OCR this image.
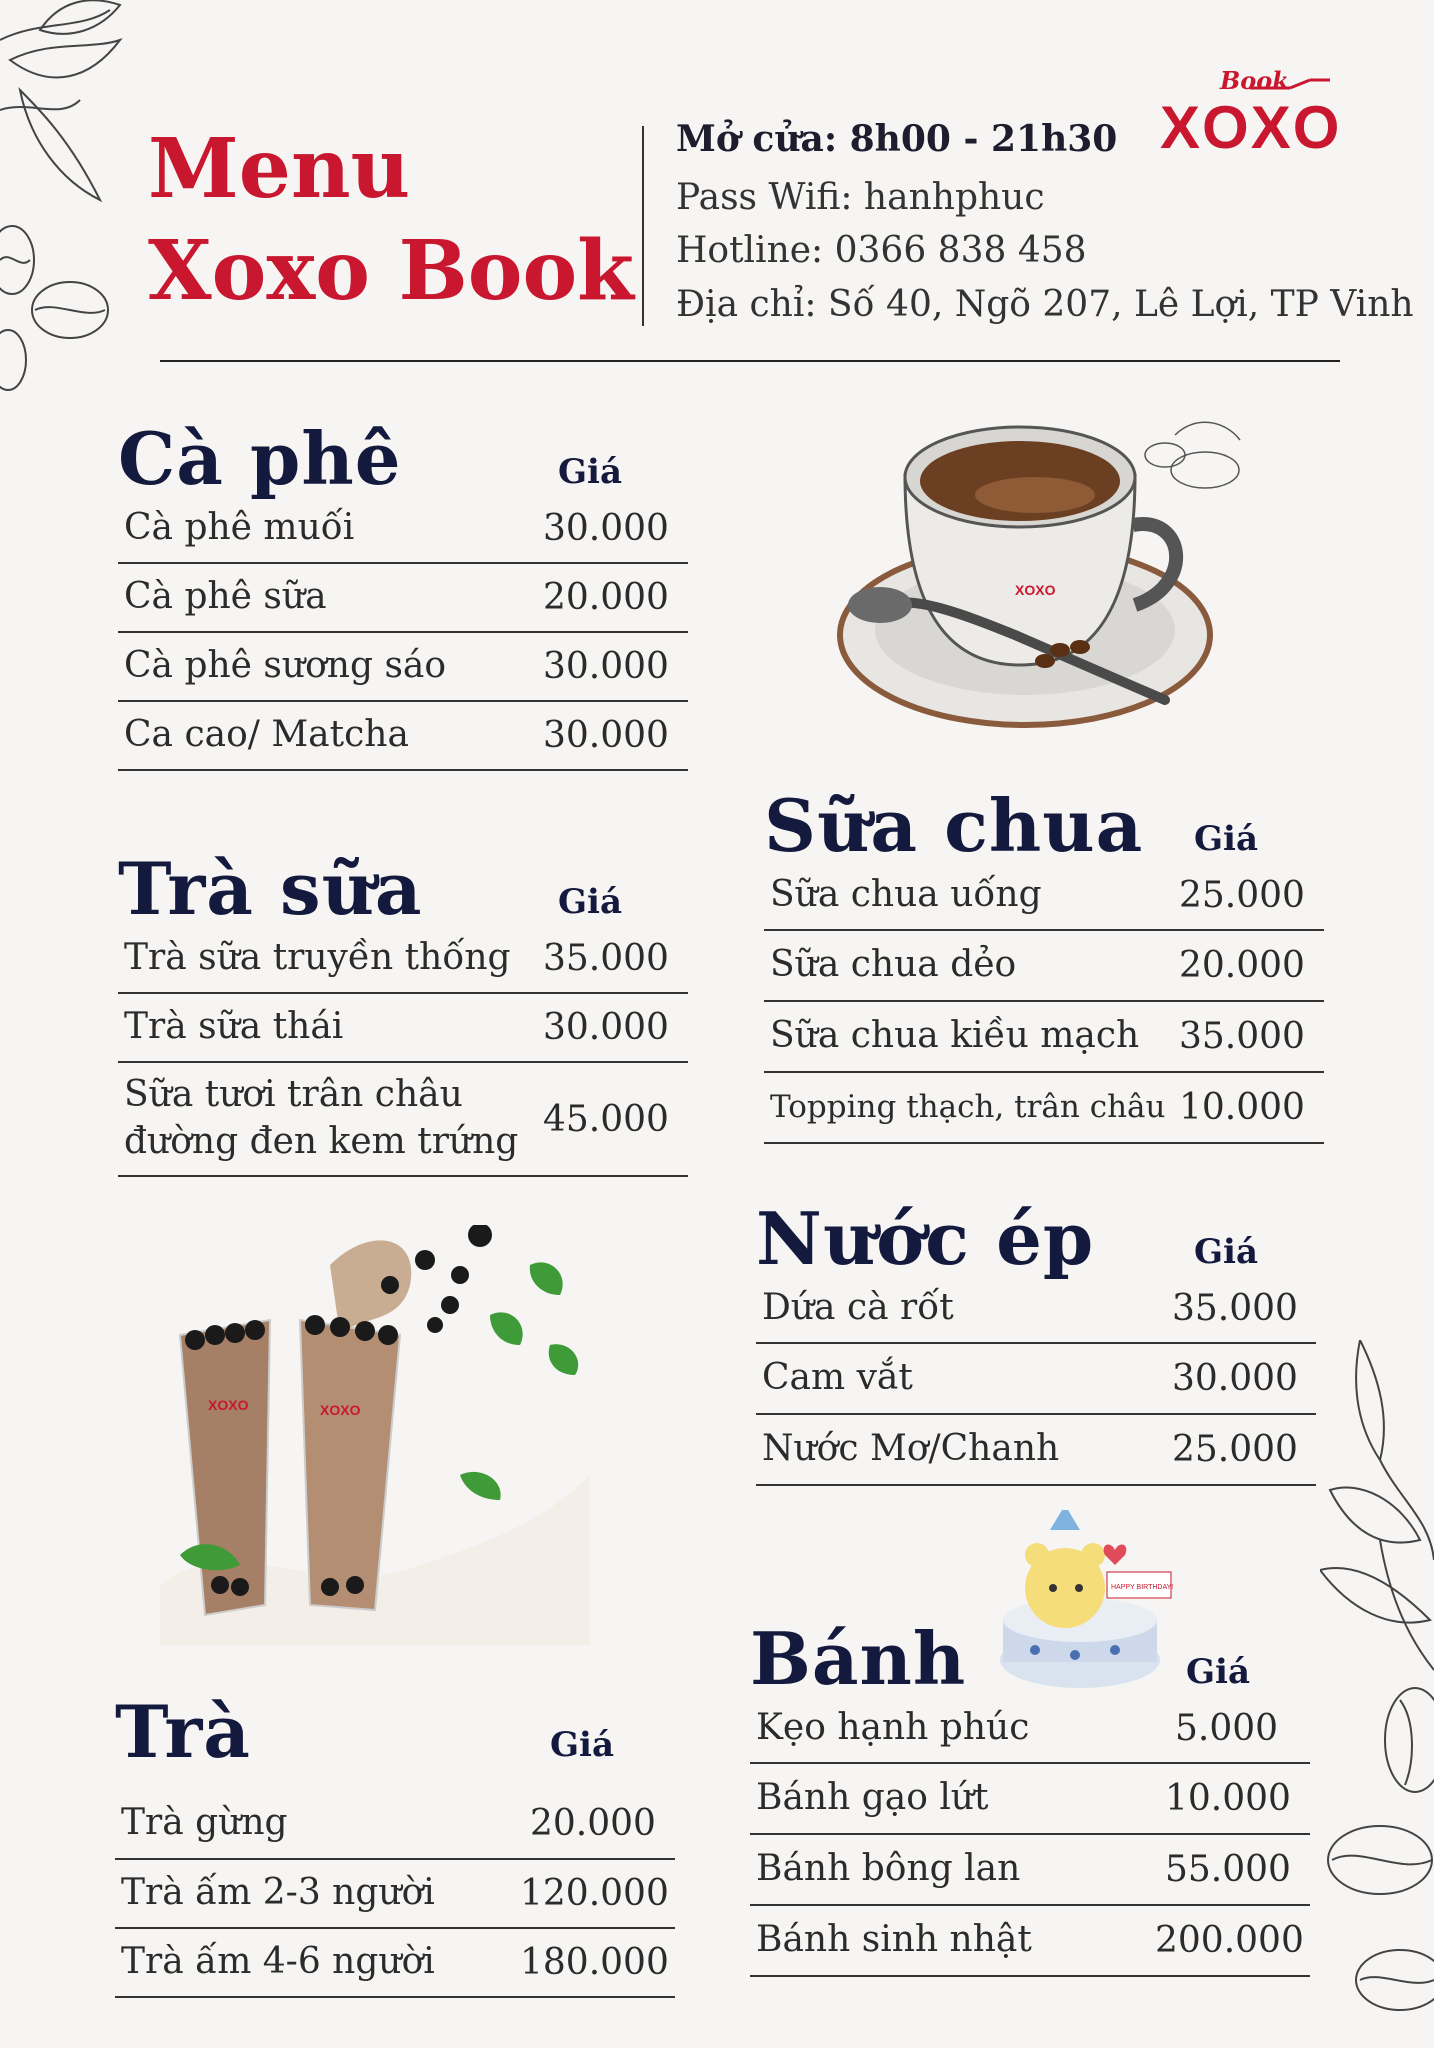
Menu
Xoxo Book
Mở cửa: 8h00 - 21h30
Pass Wifi: hanhphuc
Hotline: 0366 838 458
Địa chỉ: Số 40, Ngõ 207, Lê Lợi, TP Vinh
Book
XOXO
Cà phê	Giá
Cà phê muối	30.000
Cà phê sữa	20.000
Cà phê sương sáo	30.000
Ca cao/ Matcha	30.000
Trà sữa	Giá
Trà sữa truyền thống 35.000
Trà sữa thái	30.000
Sữa tươi trân châu
đường đen kem trứng
45.000
Trà	Giá
Trà gừng	20.000
Trà ấm 2-3 người 120.000
Trà ấm 4-6 người 180.000
Sữa chua Giá
Sữa chua uống	25.000
Sữa chua dẻo	20.000
Sữa chua kiều mạch 35.000
Topping thạch, trân châu 10.000
Nước ép	Giá
Dứa cà rốt	35.000
Cam vắt	30.000
Nước Mơ/Chanh	25.000
Bánh	Giá
Kẹo hạnh phúc	5.000
Bánh gạo lứt	10.000
Bánh bông lan	55.000
Bánh sinh nhật	200.000
XOXO
XOXO	XOXO
HAPPY BIRTHDAY!
